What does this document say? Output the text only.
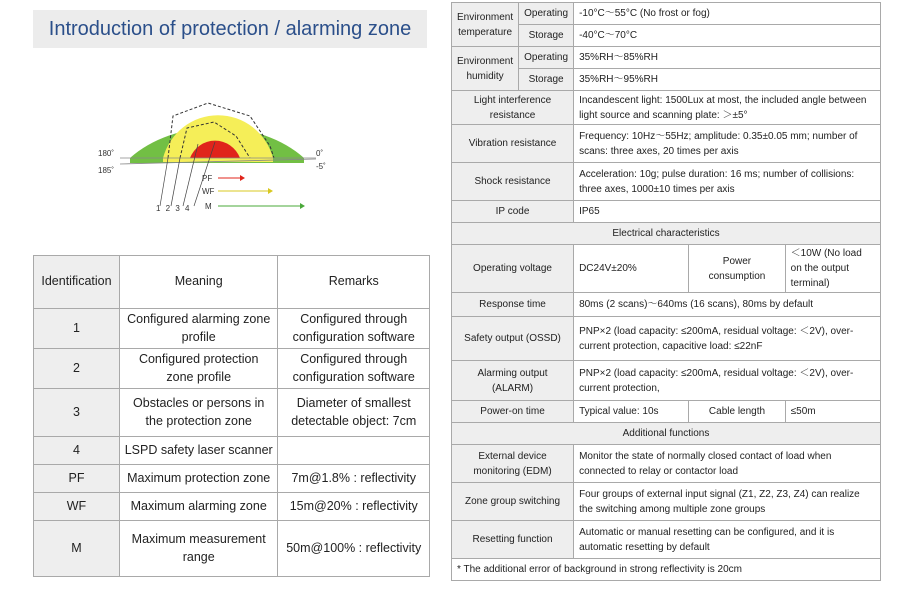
Introduction of protection / alarming zone
PF
WF
M
1 2 3 4
180˚
185˚
0˚
-5˚
Identification	Meaning	Remarks
1	Configured alarming zone profile	Configured through configuration software
2	Configured protection zone profile	Configured through configuration software
3	Obstacles or persons in the protection zone	Diameter of smallest detectable object: 7cm
4	LSPD safety laser scanner	
PF	Maximum protection zone	7m@1.8% : reflectivity
WF	Maximum alarming zone	15m@20% : reflectivity
M	Maximum measurement range	50m@100% : reflectivity
Environment temperature	Operating	-10°C～55°C (No frost or fog)		
	Storage	-40°C～70°C		
Environment humidity	Operating	35%RH～85%RH		
	Storage	35%RH～95%RH		
Light interference resistance		Incandescent light: 1500Lux at most, the included angle between light source and scanning plate: ＞±5°		
Vibration resistance		Frequency: 10Hz～55Hz; amplitude: 0.35±0.05 mm; number of scans: three axes, 20 times per axis		
Shock resistance		Acceleration: 10g; pulse duration: 16 ms; number of collisions: three axes, 1000±10 times per axis		
IP code		IP65		
Electrical characteristics				
Operating voltage		DC24V±20%	Power consumption	＜10W (No load on the output terminal)
Response time		80ms (2 scans)～640ms (16 scans), 80ms by default		
Safety output (OSSD)		PNP×2 (load capacity: ≤200mA, residual voltage: ＜2V), over-current protection, capacitive load: ≤22nF		
Alarming output (ALARM)		PNP×2 (load capacity: ≤200mA, residual voltage: ＜2V), over-current protection,		
Power-on time		Typical value: 10s	Cable length	≤50m
Additional functions				
External device monitoring (EDM)		Monitor the state of normally closed contact of load when connected to relay or contactor load		
Zone group switching		Four groups of external input signal (Z1, Z2, Z3, Z4) can realize the switching among multiple zone groups		
Resetting function		Automatic or manual resetting can be configured, and it is automatic resetting by default		
* The additional error of background in strong reflectivity is 20cm				
